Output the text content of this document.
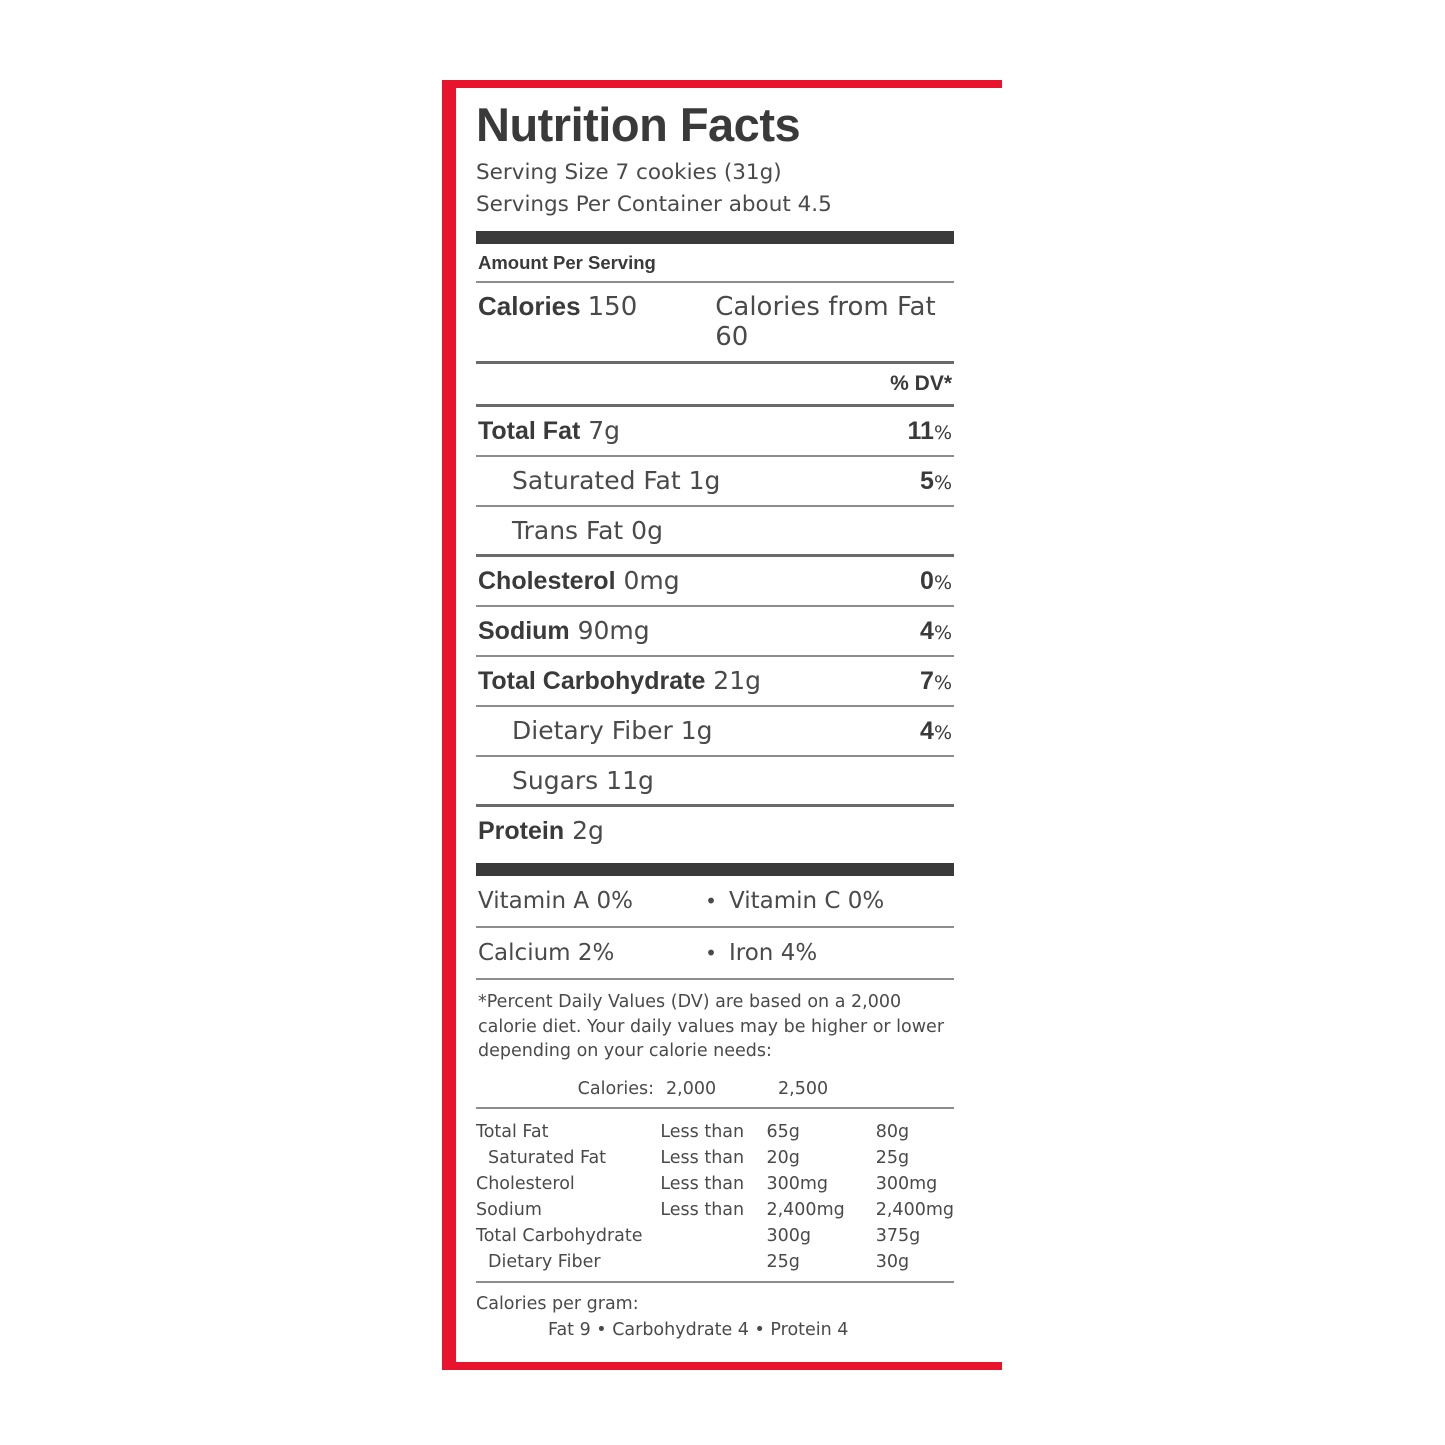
Nutrition Facts
Serving Size 7 cookies (31g)
Servings Per Container about 4.5
Amount Per Serving
Calories 150	Calories from Fat 60
% DV*
Total Fat 7g	11%
Saturated Fat 1g	5%
Trans Fat 0g
Cholesterol 0mg	0%
Sodium 90mg	4%
Total Carbohydrate 21g	7%
Dietary Fiber 1g	4%
Sugars 11g
Protein 2g
Vitamin A 0%	• Vitamin C 0%
Calcium 2%	• Iron 4%
*Percent Daily Values (DV) are based on a 2,000 calorie diet. Your daily values may be higher or lower depending on your calorie needs:
Calories:	2,000	2,500	
Total Fat	Less than	65g	80g
Saturated Fat	Less than	20g	25g
Cholesterol	Less than	300mg	300mg
Sodium	Less than	2,400mg	2,400mg
Total Carbohydrate		300g	375g
Dietary Fiber		25g	30g
Calories per gram:
Fat 9 • Carbohydrate 4 • Protein 4
